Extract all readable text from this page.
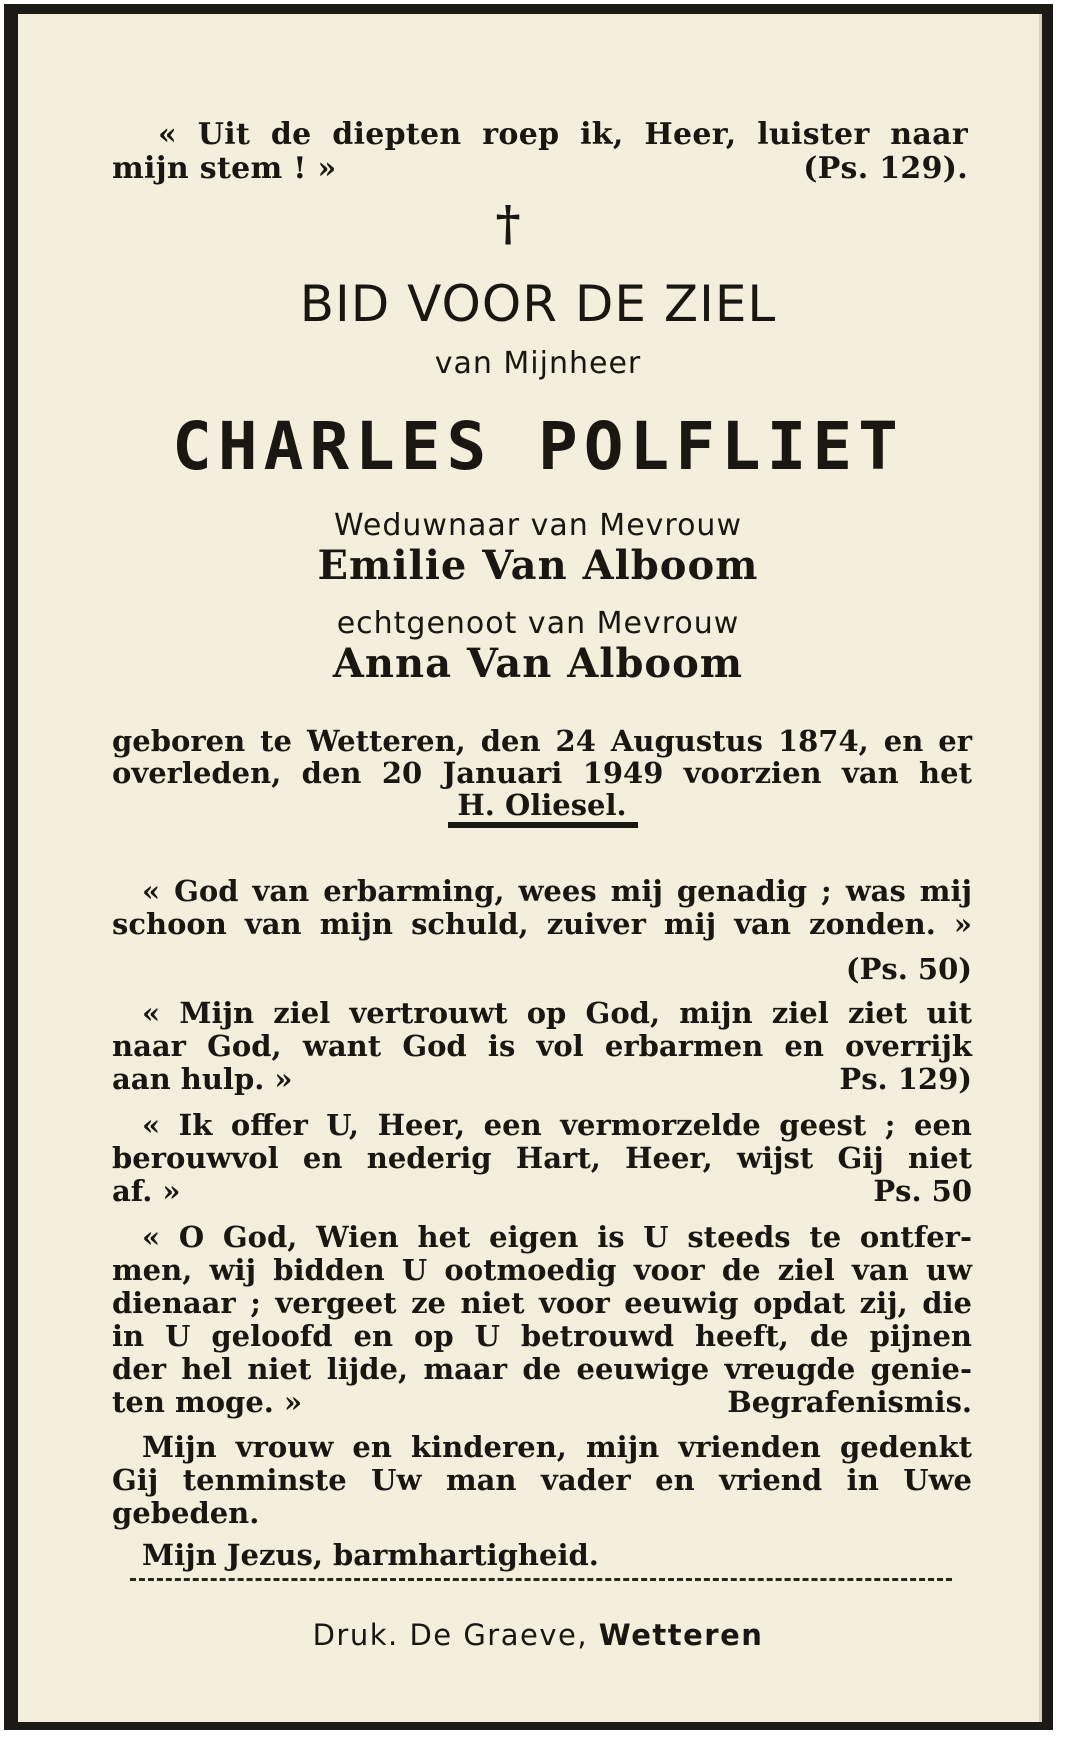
« Uit de diepten roep ik, Heer, luister naar
mijn stem ! »	(Ps. 129).
†
BID VOOR DE ZIEL
van Mijnheer
CHARLES POLFLIET
Weduwnaar van Mevrouw
Emilie Van Alboom
echtgenoot van Mevrouw
Anna Van Alboom
geboren te Wetteren, den 24 Augustus 1874, en er
overleden, den 20 Januari 1949 voorzien van het
H. Oliesel.
« God van erbarming, wees mij genadig ; was mij
schoon van mijn schuld, zuiver mij van zonden. »
(Ps. 50)
« Mijn ziel vertrouwt op God, mijn ziel ziet uit
naar God, want God is vol erbarmen en overrijk
aan hulp. »	Ps. 129)
« Ik offer U, Heer, een vermorzelde geest ; een
berouwvol en nederig Hart, Heer, wijst Gij niet
af. »	Ps. 50
« O God, Wien het eigen is U steeds te ontfer-
men, wij bidden U ootmoedig voor de ziel van uw
dienaar ; vergeet ze niet voor eeuwig opdat zij, die
in U geloofd en op U betrouwd heeft, de pijnen
der hel niet lijde, maar de eeuwige vreugde genie-
ten moge. »	Begrafenismis.
Mijn vrouw en kinderen, mijn vrienden gedenkt
Gij tenminste Uw man vader en vriend in Uwe
gebeden.
Mijn Jezus, barmhartigheid.
Druk. De Graeve, Wetteren
